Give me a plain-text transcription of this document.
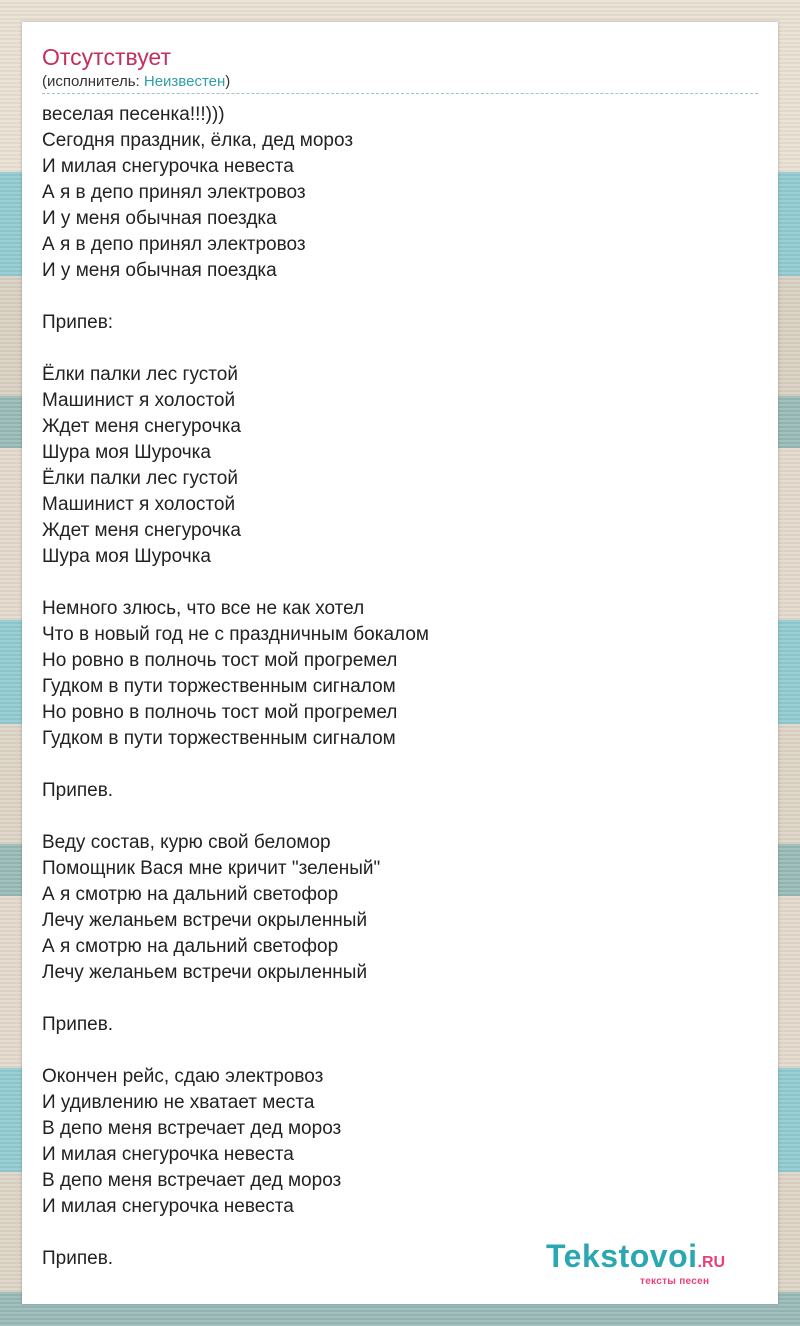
Отсутствует
(исполнитель: Неизвестен)
веселая песенка!!!)))
Сегодня праздник, ёлка, дед мороз
И милая снегурочка невеста
А я в депо принял электровоз
И у меня обычная поездка
А я в депо принял электровоз
И у меня обычная поездка
Припев:
Ёлки палки лес густой
Машинист я холостой
Ждет меня снегурочка
Шура моя Шурочка
Ёлки палки лес густой
Машинист я холостой
Ждет меня снегурочка
Шура моя Шурочка
Немного злюсь, что все не как хотел
Что в новый год не с праздничным бокалом
Но ровно в полночь тост мой прогремел
Гудком в пути торжественным сигналом
Но ровно в полночь тост мой прогремел
Гудком в пути торжественным сигналом
Припев.
Веду состав, курю свой беломор
Помощник Вася мне кричит "зеленый"
А я смотрю на дальний светофор
Лечу желаньем встречи окрыленный
А я смотрю на дальний светофор
Лечу желаньем встречи окрыленный
Припев.
Окончен рейс, сдаю электровоз
И удивлению не хватает места
В депо меня встречает дед мороз
И милая снегурочка невеста
В депо меня встречает дед мороз
И милая снегурочка невеста
Припев.	Tekstovoi.RU
тексты песен
